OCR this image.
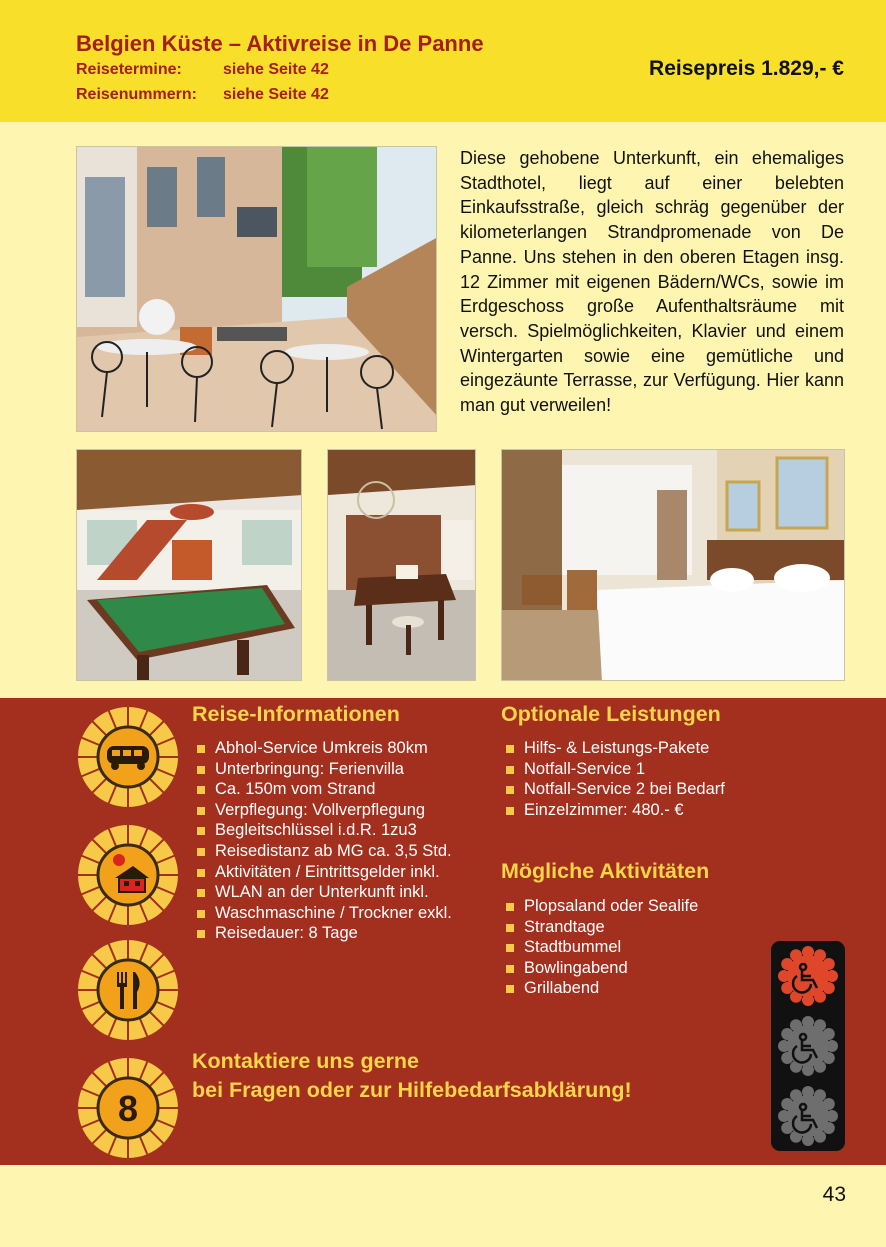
Belgien Küste – Aktivreise in De Panne
Reisetermine:	siehe Seite 42
Reisenummern: siehe Seite 42
Reisepreis 1.829,- €
Diese gehobene Unterkunft, ein ehemaliges Stadthotel, liegt auf einer belebten Einkaufsstraße, gleich schräg gegenüber der kilometerlangen Strandpromenade von De Panne. Uns stehen in den oberen Etagen insg. 12 Zimmer mit eigenen Bädern/WCs, sowie im Erdgeschoss große Aufenthaltsräume mit versch. Spielmöglichkeiten, Klavier und einem Wintergarten sowie eine gemütliche und eingezäunte Terrasse, zur Verfügung. Hier kann man gut verweilen!
8
Reise-Informationen
Abhol-Service Umkreis 80km
Unterbringung: Ferienvilla
Ca. 150m vom Strand
Verpflegung: Vollverpflegung
Begleitschlüssel i.d.R. 1zu3
Reisedistanz ab MG ca. 3,5 Std.
Aktivitäten / Eintrittsgelder inkl.
WLAN an der Unterkunft inkl.
Waschmaschine / Trockner exkl.
Reisedauer: 8 Tage
Optionale Leistungen
Hilfs- & Leistungs-Pakete
Notfall-Service 1
Notfall-Service 2 bei Bedarf
Einzelzimmer: 480.- €
Mögliche Aktivitäten
Plopsaland oder Sealife
Strandtage
Stadtbummel
Bowlingabend
Grillabend
Kontaktiere uns gerne
bei Fragen oder zur Hilfebedarfsabklärung!
43
